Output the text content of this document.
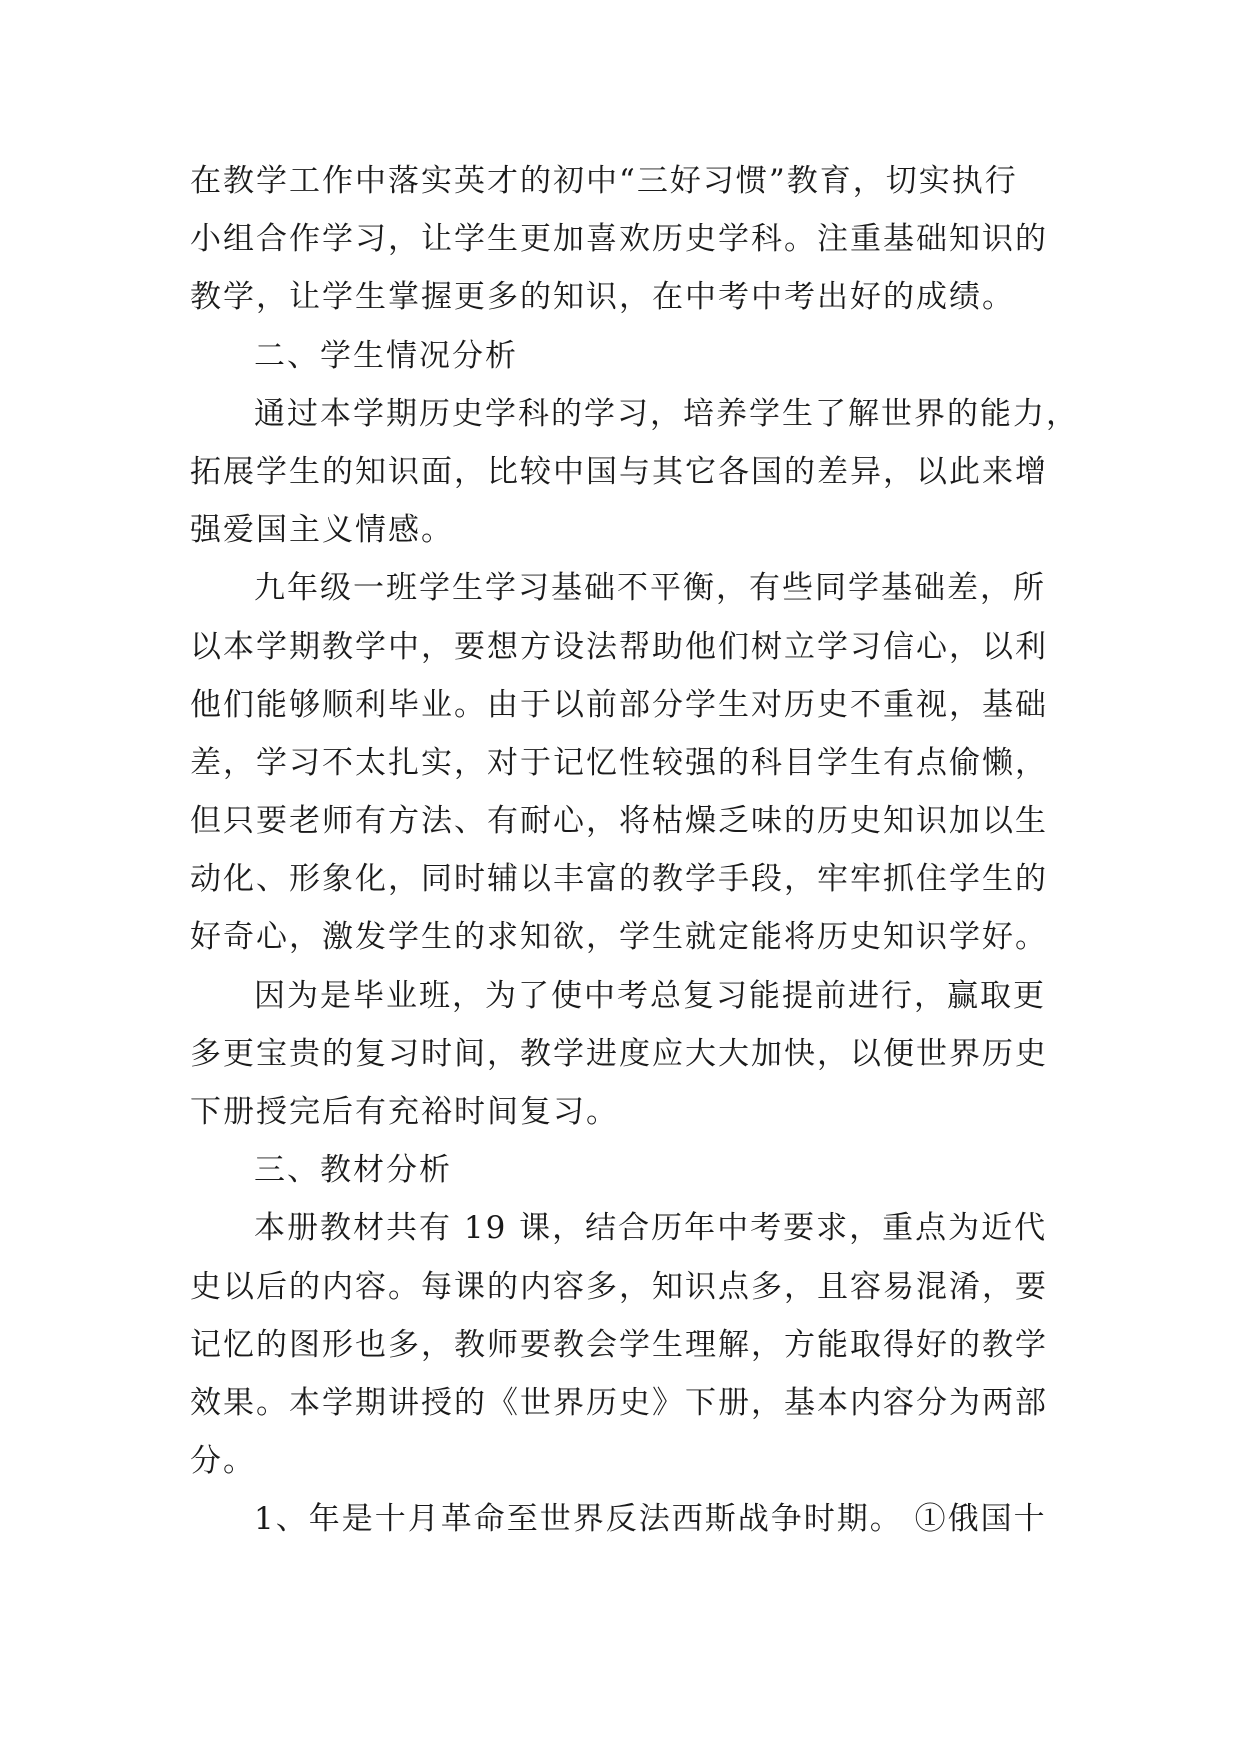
在教学工作中落实英才的初中“三好习惯”教育，切实执行
小组合作学习，让学生更加喜欢历史学科。注重基础知识的
教学，让学生掌握更多的知识，在中考中考出好的成绩。
二、学生情况分析
通过本学期历史学科的学习，培养学生了解世界的能力，
拓展学生的知识面，比较中国与其它各国的差异，以此来增
强爱国主义情感。
九年级一班学生学习基础不平衡，有些同学基础差，所
以本学期教学中，要想方设法帮助他们树立学习信心，以利
他们能够顺利毕业。由于以前部分学生对历史不重视，基础
差，学习不太扎实，对于记忆性较强的科目学生有点偷懒，
但只要老师有方法、有耐心，将枯燥乏味的历史知识加以生
动化、形象化，同时辅以丰富的教学手段，牢牢抓住学生的
好奇心，激发学生的求知欲，学生就定能将历史知识学好。
因为是毕业班，为了使中考总复习能提前进行，赢取更
多更宝贵的复习时间，教学进度应大大加快，以便世界历史
下册授完后有充裕时间复习。
三、教材分析
本册教材共有 19 课，结合历年中考要求，重点为近代
史以后的内容。每课的内容多，知识点多，且容易混淆，要
记忆的图形也多，教师要教会学生理解，方能取得好的教学
效果。本学期讲授的《世界历史》下册，基本内容分为两部
分。
1、年是十月革命至世界反法西斯战争时期。 ①俄国十
